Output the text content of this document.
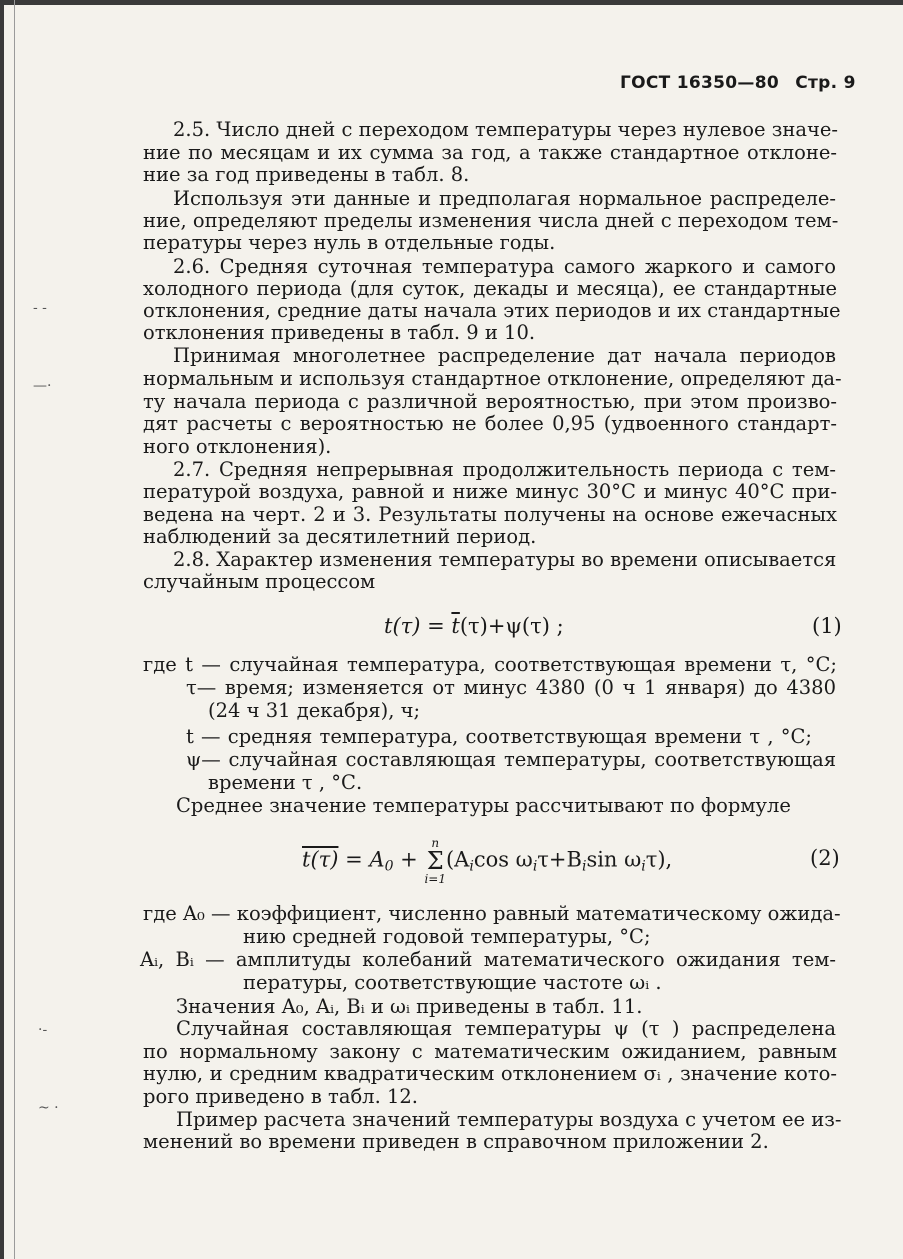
ГОСТ 16350—80 Стр. 9
2.5. Число дней с переходом температуры через нулевое значе-
ние по месяцам и их сумма за год, а также стандартное отклоне-
ние за год приведены в табл. 8.
Используя эти данные и предполагая нормальное распределе-
ние, определяют пределы изменения числа дней с переходом тем-
пературы через нуль в отдельные годы.
2.6. Средняя суточная температура самого жаркого и самого
холодного периода (для суток, декады и месяца), ее стандартные
отклонения, средние даты начала этих периодов и их стандартные
отклонения приведены в табл. 9 и 10.
Принимая многолетнее распределение дат начала периодов
нормальным и используя стандартное отклонение, определяют да-
ту начала периода с различной вероятностью, при этом произво-
дят расчеты с вероятностью не более 0,95 (удвоенного стандарт-
ного отклонения).
2.7. Средняя непрерывная продолжительность периода с тем-
пературой воздуха, равной и ниже минус 30°С и минус 40°С при-
ведена на черт. 2 и 3. Результаты получены на основе ежечасных
наблюдений за десятилетний период.
2.8. Характер изменения температуры во времени описывается
случайным процессом
$t(\tau) = \overline{t}(\tau)+\psi(\tau)$ ;	(1)
где t — случайная температура, соответствующая времени τ, °С;
τ— время; изменяется от минус 4380 (0 ч 1 января) до 4380
(24 ч 31 декабря), ч;
t — средняя температура, соответствующая времени τ , °С;
ψ— случайная составляющая температуры, соответствующая
времени τ , °С.
Среднее значение температуры рассчитывают по формуле
$t(\tau) = A_0$ +
n
Σ
i=1
($A_i\cos$ $\omega_i\tau+B_i\sin$ $\omega_i\tau$),	(2)
где A₀ — коэффициент, численно равный математическому ожида-
нию средней годовой температуры, °С;
Aᵢ, Bᵢ — амплитуды колебаний математического ожидания тем-
пературы, соответствующие частоте ωᵢ .
Значения A₀, Aᵢ, Bᵢ и ωᵢ приведены в табл. 11.
Случайная составляющая температуры ψ (τ ) распределена
по нормальному закону с математическим ожиданием, равным
нулю, и средним квадратическим отклонением σᵢ , значение кото-
рого приведено в табл. 12.
Пример расчета значений температуры воздуха с учетом ее из-
менений во времени приведен в справочном приложении 2.
- -
—·
·-
~ ·
